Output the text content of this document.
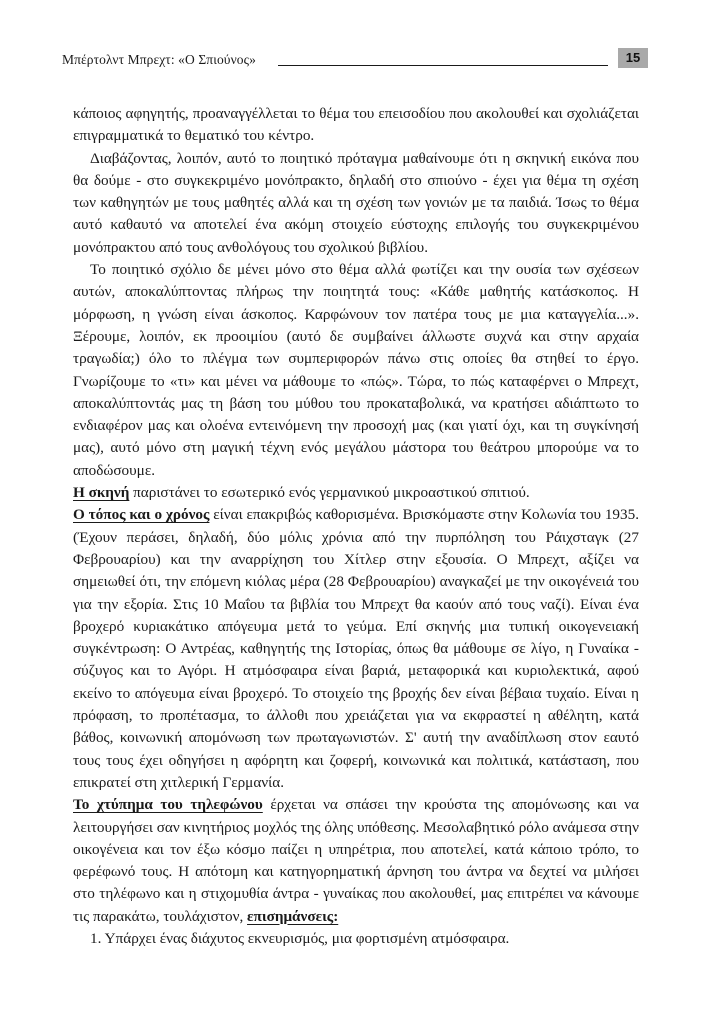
Μπέρτολντ Μπρεχτ: «Ο Σπιούνος»	15

κάποιος αφηγητής, προαναγγέλλεται το θέμα του επεισοδίου που ακολουθεί και σχολιάζεται επιγραμματικά το θεματικό του κέντρο.

Διαβάζοντας, λοιπόν, αυτό το ποιητικό πρόταγμα μαθαίνουμε ότι η σκηνική εικόνα που θα δούμε - στο συγκεκριμένο μονόπρακτο, δηλαδή στο σπιούνο - έχει για θέμα τη σχέση των καθηγητών με τους μαθητές αλλά και τη σχέση των γονιών με τα παιδιά. Ίσως το θέμα αυτό καθαυτό να αποτελεί ένα ακόμη στοιχείο εύστοχης επιλογής του συγκεκριμένου μονόπρακτου από τους ανθολόγους του σχολικού βιβλίου.

Το ποιητικό σχόλιο δε μένει μόνο στο θέμα αλλά φωτίζει και την ουσία των σχέσεων αυτών, αποκαλύπτοντας πλήρως την ποιητητά τους: «Κάθε μαθητής κατάσκοπος. Η μόρφωση, η γνώση είναι άσκοπος. Καρφώνουν τον πατέρα τους με μια καταγγελία...». Ξέρουμε, λοιπόν, εκ προοιμίου (αυτό δε συμβαίνει άλλωστε συχνά και στην αρχαία τραγωδία;) όλο το πλέγμα των συμπεριφορών πάνω στις οποίες θα στηθεί το έργο. Γνωρίζουμε το «τι» και μένει να μάθουμε το «πώς». Τώρα, το πώς καταφέρνει ο Μπρεχτ, αποκαλύπτοντάς μας τη βάση του μύθου του προκαταβολικά, να κρατήσει αδιάπτωτο το ενδιαφέρον μας και ολοένα εντεινόμενη την προσοχή μας (και γιατί όχι, και τη συγκίνησή μας), αυτό μόνο στη μαγική τέχνη ενός μεγάλου μάστορα του θεάτρου μπορούμε να το αποδώσουμε.

Η σκηνή παριστάνει το εσωτερικό ενός γερμανικού μικροαστικού σπιτιού.

Ο τόπος και ο χρόνος είναι επακριβώς καθορισμένα. Βρισκόμαστε στην Κολωνία του 1935. (Έχουν περάσει, δηλαδή, δύο μόλις χρόνια από την πυρπόληση του Ράιχσταγκ (27 Φεβρουαρίου) και την αναρρίχηση του Χίτλερ στην εξουσία. Ο Μπρεχτ, αξίζει να σημειωθεί ότι, την επόμενη κιόλας μέρα (28 Φεβρουαρίου) αναγκαζεί με την οικογένειά του για την εξορία. Στις 10 Μαΐου τα βιβλία του Μπρεχτ θα καούν από τους ναζί). Είναι ένα βροχερό κυριακάτικο απόγευμα μετά το γεύμα. Επί σκηνής μια τυπική οικογενειακή συγκέντρωση: Ο Αντρέας, καθηγητής της Ιστορίας, όπως θα μάθουμε σε λίγο, η Γυναίκα - σύζυγος και το Αγόρι. Η ατμόσφαιρα είναι βαριά, μεταφορικά και κυριολεκτικά, αφού εκείνο το απόγευμα είναι βροχερό. Το στοιχείο της βροχής δεν είναι βέβαια τυχαίο. Είναι η πρόφαση, το προπέτασμα, το άλλοθι που χρειάζεται για να εκφραστεί η αθέλητη, κατά βάθος, κοινωνική απομόνωση των πρωταγωνιστών. Σ' αυτή την αναδίπλωση στον εαυτό τους τους έχει οδηγήσει η αφόρητη και ζοφερή, κοινωνικά και πολιτικά, κατάσταση, που επικρατεί στη χιτλερική Γερμανία.

Το χτύπημα του τηλεφώνου έρχεται να σπάσει την κρούστα της απομόνωσης και να λειτουργήσει σαν κινητήριος μοχλός της όλης υπόθεσης. Μεσολαβητικό ρόλο ανάμεσα στην οικογένεια και τον έξω κόσμο παίζει η υπηρέτρια, που αποτελεί, κατά κάποιο τρόπο, το φερέφωνό τους. Η απότομη και κατηγορηματική άρνηση του άντρα να δεχτεί να μιλήσει στο τηλέφωνο και η στιχομυθία άντρα - γυναίκας που ακολουθεί, μας επιτρέπει να κάνουμε τις παρακάτω, τουλάχιστον, επισημάνσεις:

1. Υπάρχει ένας διάχυτος εκνευρισμός, μια φορτισμένη ατμόσφαιρα.
